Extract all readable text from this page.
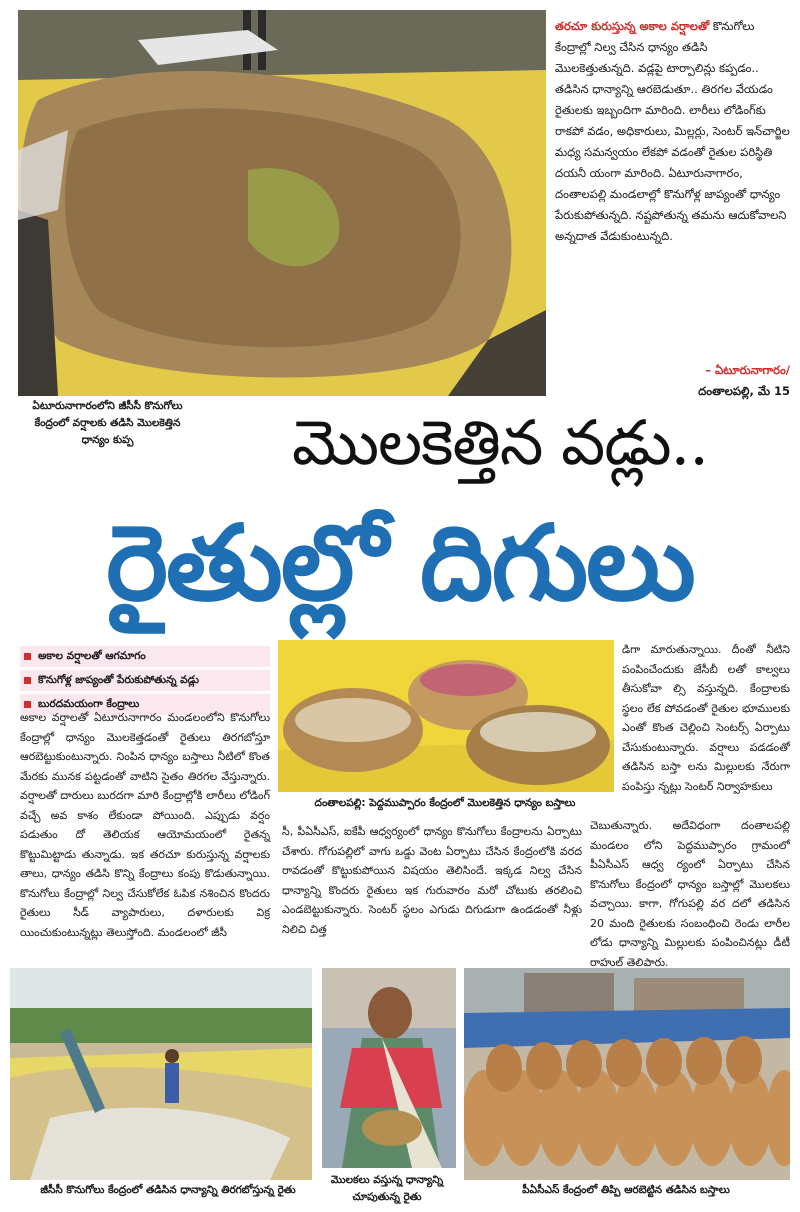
తరచూ కురుస్తున్న అకాల వర్షాలతో కొనుగోలు కేంద్రాల్లో నిల్వ చేసిన ధాన్యం తడిసి మొలకెత్తుతున్నది. వడ్లపై టార్పాలిన్లు కప్పడం.. తడిసిన ధాన్యాన్ని ఆరబెడుతూ.. తిరగల వేయడం రైతులకు ఇబ్బందిగా మారింది. లారీలు లోడింగ్‌కు రాకపో వడం, అధికారులు, మిల్లర్లు, సెంటర్ ఇన్‌చార్జిల మధ్య సమన్వయం లేకపో వడంతో రైతుల పరిస్థితి దయనీ యంగా మారింది. ఏటూరునాగారం, దంతాలపల్లి మండలాల్లో కొనుగోళ్ల జాప్యంతో ధాన్యం పేరుకుపోతున్నది. నష్టపోతున్న తమను ఆదుకోవాలని అన్నదాత వేడుకుంటున్నది.
– ఏటూరునాగారం/
దంతాలపల్లి, మే 15
ఏటూరునాగారంలోని జీసీసీ కొనుగోలు కేంద్రంలో వర్షాలకు తడిసి మొలకెత్తిన ధాన్యం కుప్ప	మొలకెత్తిన వడ్లు..
రైతుల్లో దిగులు
అకాల వర్షాలతో ఆగమాగం
కొనుగోళ్ల జాప్యంతో పేరుకుపోతున్న వడ్లు
బురదమయంగా కేంద్రాలు
దంతాలపల్లి: పెద్దముప్పారం కేంద్రంలో మొలకెత్తిన ధాన్యం బస్తాలు
అకాల వర్షాలతో ఏటూరునాగారం మండలంలోని కొనుగోలు కేంద్రాల్లో ధాన్యం మొలకెత్తడంతో రైతులు తిరగబోస్తూ ఆరబెట్టుకుంటున్నారు. నింపిన ధాన్యం బస్తాలు నీటిలో కొంత మేరకు మునక పట్టడంతో వాటిని సైతం తిరగల వేస్తున్నారు. వర్షాలతో దారులు బురదగా మారి కేంద్రాల్లోకి లారీలు లోడింగ్ వచ్చే అవ కాశం లేకుండా పోయింది. ఎప్పుడు వర్షం పడుతుం దో తెలియక ఆయోమయంలో రైతన్న కొట్టుమిట్టాడు తున్నాడు. ఇక తరచూ కురుస్తున్న వర్షాలకు తాలు, ధాన్యం తడిసి కొన్ని కేంద్రాలు కంపు కొడుతున్నాయి. కొనుగోలు కేంద్రాల్లో నిల్వ చేసుకోలేక ఓపిక నశించిన కొందరు రైతులు సీడ్ వ్యాపారులు, దళారులకు విక్ర యించుకుంటున్నట్లు తెలుస్తోంది. మండలంలో జీసీ
సీ, పీఏసీఎస్, ఐకేపీ ఆధ్వర్యంలో ధాన్యం కొనుగోలు కేంద్రాలను ఏర్పాటు చేశారు. గోగుపల్లిలో వాగు ఒడ్డు వెంట ఏర్పాటు చేసిన కేంద్రంలోకి వరద రావడంతో కొట్టుకుపోయిన విషయం తెలిసిందే. ఇక్కడ నిల్వ చేసిన ధాన్యాన్ని కొందరు రైతులు ఇక గురువారం మరో చోటుకు తరలించి ఎండబెట్టుకున్నారు. సెంటర్ స్థలం ఎగుడు దిగుడుగా ఉండడంతో నీళ్లు నిలిచి చిత్త
డిగా మారుతున్నాయి. దీంతో నీటిని పంపించేందుకు జేసీబీ లతో కాల్వలు తీసుకోవా ల్సి వస్తున్నది. కేంద్రాలకు స్థలం లేక పోవడంతో రైతుల భూములకు ఎంతో కొంత చెల్లించి సెంటర్స్ ఏర్పాటు చేసుకుంటున్నారు. వర్షాలు పడడంతో తడిసిన బస్తా లను మిల్లులకు నేరుగా పంపిస్తు న్నట్లు సెంటర్ నిర్వాహకులు
చెబుతున్నారు. అదేవిధంగా దంతాలపల్లి మండలం లోని పెద్దముప్పారం గ్రామంలో పీఏసీఎస్ ఆధ్వ ర్యంలో ఏర్పాటు చేసిన కొనుగోలు కేంద్రంలో ధాన్యం బస్తాల్లో మొలకలు వచ్చాయి. కాగా, గోగుపల్లి వర దలో తడిసిన 20 మంది రైతులకు సంబంధించి రెండు లారీల లోడు ధాన్యాన్ని మిల్లులకు పంపించినట్లు డీటీ రాహుల్ తెలిపారు.
జీసీసీ కొనుగోలు కేంద్రంలో తడిసిన ధాన్యాన్ని తిరగబోస్తున్న రైతు
మొలకలు వస్తున్న ధాన్యాన్ని చూపుతున్న రైతు
పీఏసీఎస్ కేంద్రంలో తిప్పి ఆరబెట్టిన తడిసిన బస్తాలు
